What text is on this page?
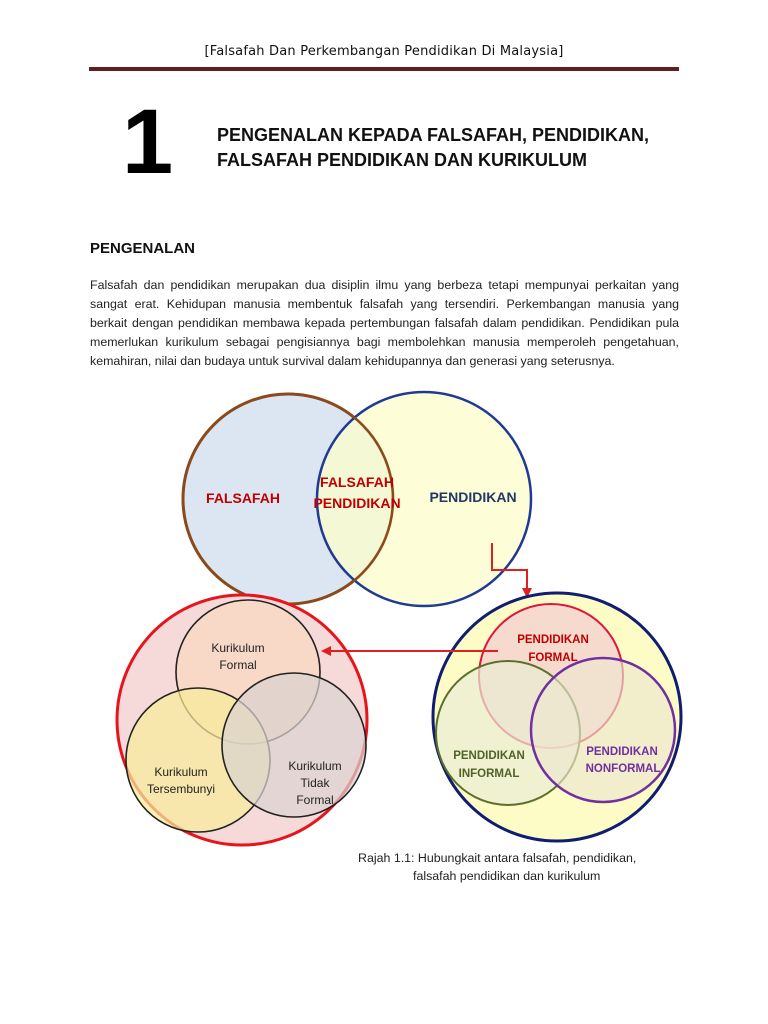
[Falsafah Dan Perkembangan Pendidikan Di Malaysia]
1 PENGENALAN KEPADA FALSAFAH, PENDIDIKAN,
FALSAFAH PENDIDIKAN DAN KURIKULUM
PENGENALAN
Falsafah dan pendidikan merupakan dua disiplin ilmu yang berbeza tetapi mempunyai perkaitan yang
sangat erat. Kehidupan manusia membentuk falsafah yang tersendiri. Perkembangan manusia yang
berkait dengan pendidikan membawa kepada pertembungan falsafah dalam pendidikan. Pendidikan pula
memerlukan kurikulum sebagai pengisiannya bagi membolehkan manusia memperoleh pengetahuan,
kemahiran, nilai dan budaya untuk survival dalam kehidupannya dan generasi yang seterusnya.
FALSAFAH
FALSAFAH
PENDIDIKAN PENDIDIKAN
Kurikulum
Formal
Kurikulum
Tersembunyi
Kurikulum
Tidak
Formal
PENDIDIKAN
FORMAL
PENDIDIKAN
INFORMAL
PENDIDIKAN
NONFORMAL
Rajah 1.1: Hubungkait antara falsafah, pendidikan,
falsafah pendidikan dan kurikulum
